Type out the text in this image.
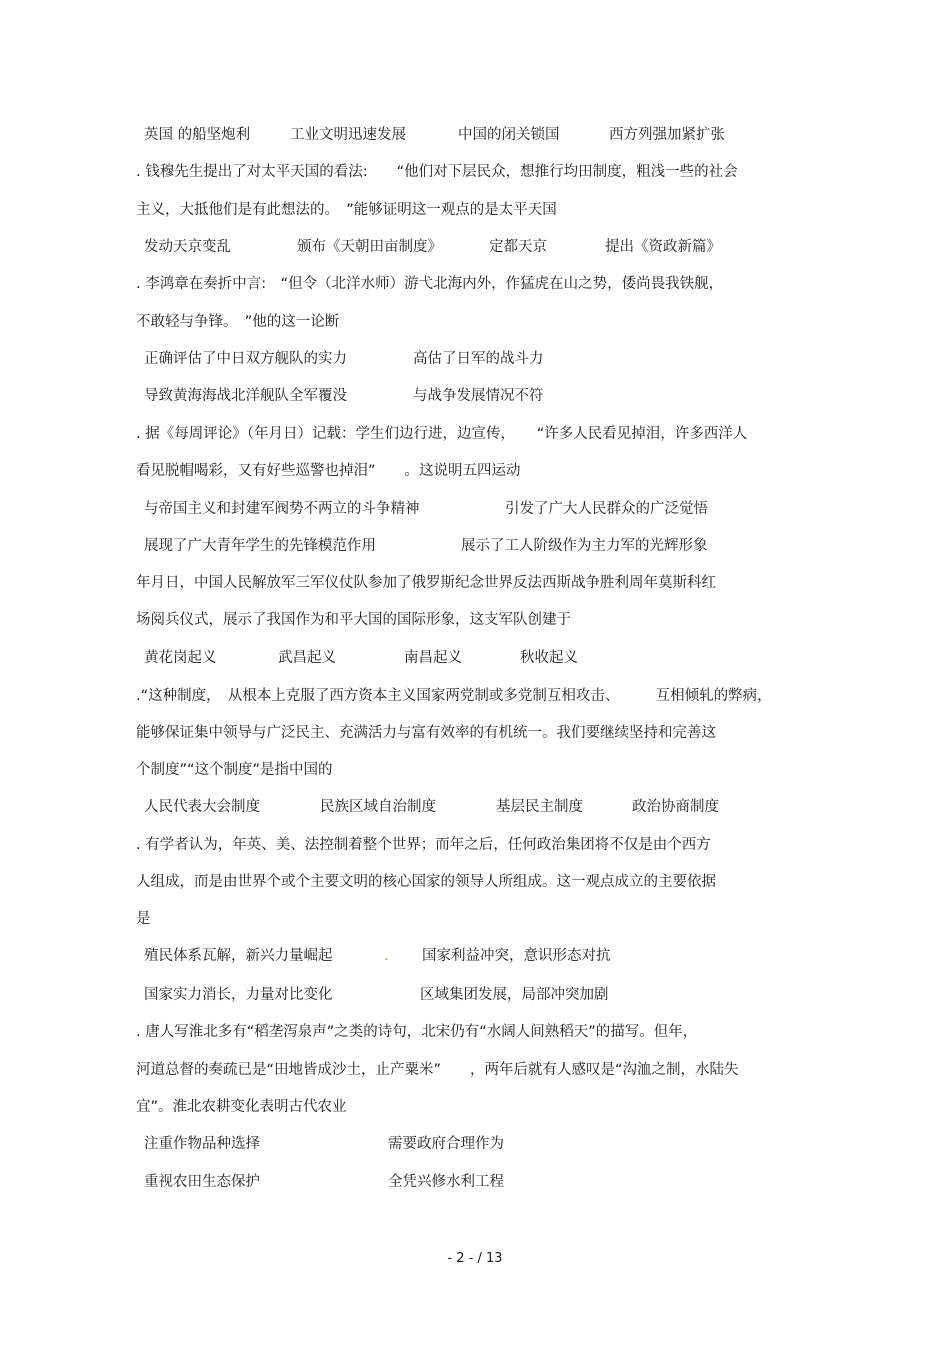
英国 的船坚炮利	工业文明迅速发展	中国的闭关锁国	西方列强加紧扩张
. 钱穆先生提出了对太平天国的看法:　　“他们对下层民众，想推行均田制度，粗浅一些的社会
主义，大抵他们是有此想法的。　”能够证明这一观点的是太平天国
发动天京变乱	颁布《天朝田亩制度》	定都天京	提出《资政新篇》
. 李鸿章在奏折中言:　“但令（北洋水师）游弋北海内外，作猛虎在山之势，倭尚畏我铁舰，
不敢轻与争锋。　”他的这一论断
正确评估了中日双方舰队的实力	高估了日军的战斗力
导致黄海海战北洋舰队全军覆没	与战争发展情况不符
. 据《每周评论》（年月日）记载：学生们边行进，边宣传，　　“许多人民看见掉泪，许多西洋人
看见脱帽喝彩，又有好些巡警也掉泪”　　。这说明五四运动
与帝国主义和封建军阀势不两立的斗争精神	引发了广大人民群众的广泛觉悟
展现了广大青年学生的先锋模范作用	展示了工人阶级作为主力军的光辉形象
年月日，中国人民解放军三军仪仗队参加了俄罗斯纪念世界反法西斯战争胜利周年莫斯科红
场阅兵仪式，展示了我国作为和平大国的国际形象，这支军队创建于
黄花岗起义	武昌起义	南昌起义	秋收起义
.“这种制度，　从根本上克服了西方资本主义国家两党制或多党制互相攻击、　　　互相倾轧的弊病，
能够保证集中领导与广泛民主、充满活力与富有效率的有机统一。我们要继续坚持和完善这
个制度”“这个制度”是指中国的
人民代表大会制度	民族区域自治制度	基层民主制度	政治协商制度
. 有学者认为，年英、美、法控制着整个世界；而年之后，任何政治集团将不仅是由个西方
人组成，而是由世界个或个主要文明的核心国家的领导人所组成。这一观点成立的主要依据
是
殖民体系瓦解，新兴力量崛起	. 国家利益冲突，意识形态对抗
国家实力消长，力量对比变化	区域集团发展，局部冲突加剧
. 唐人写淮北多有“稻垄泻泉声”之类的诗句，北宋仍有“水阔人间熟稻天”的描写。但年，
河道总督的奏疏已是“田地皆成沙土，止产粟米”　　，两年后就有人感叹是“沟洫之制，水陆失
宜”。淮北农耕变化表明古代农业
注重作物品种选择	需要政府合理作为
重视农田生态保护	全凭兴修水利工程
- 2 - / 13
